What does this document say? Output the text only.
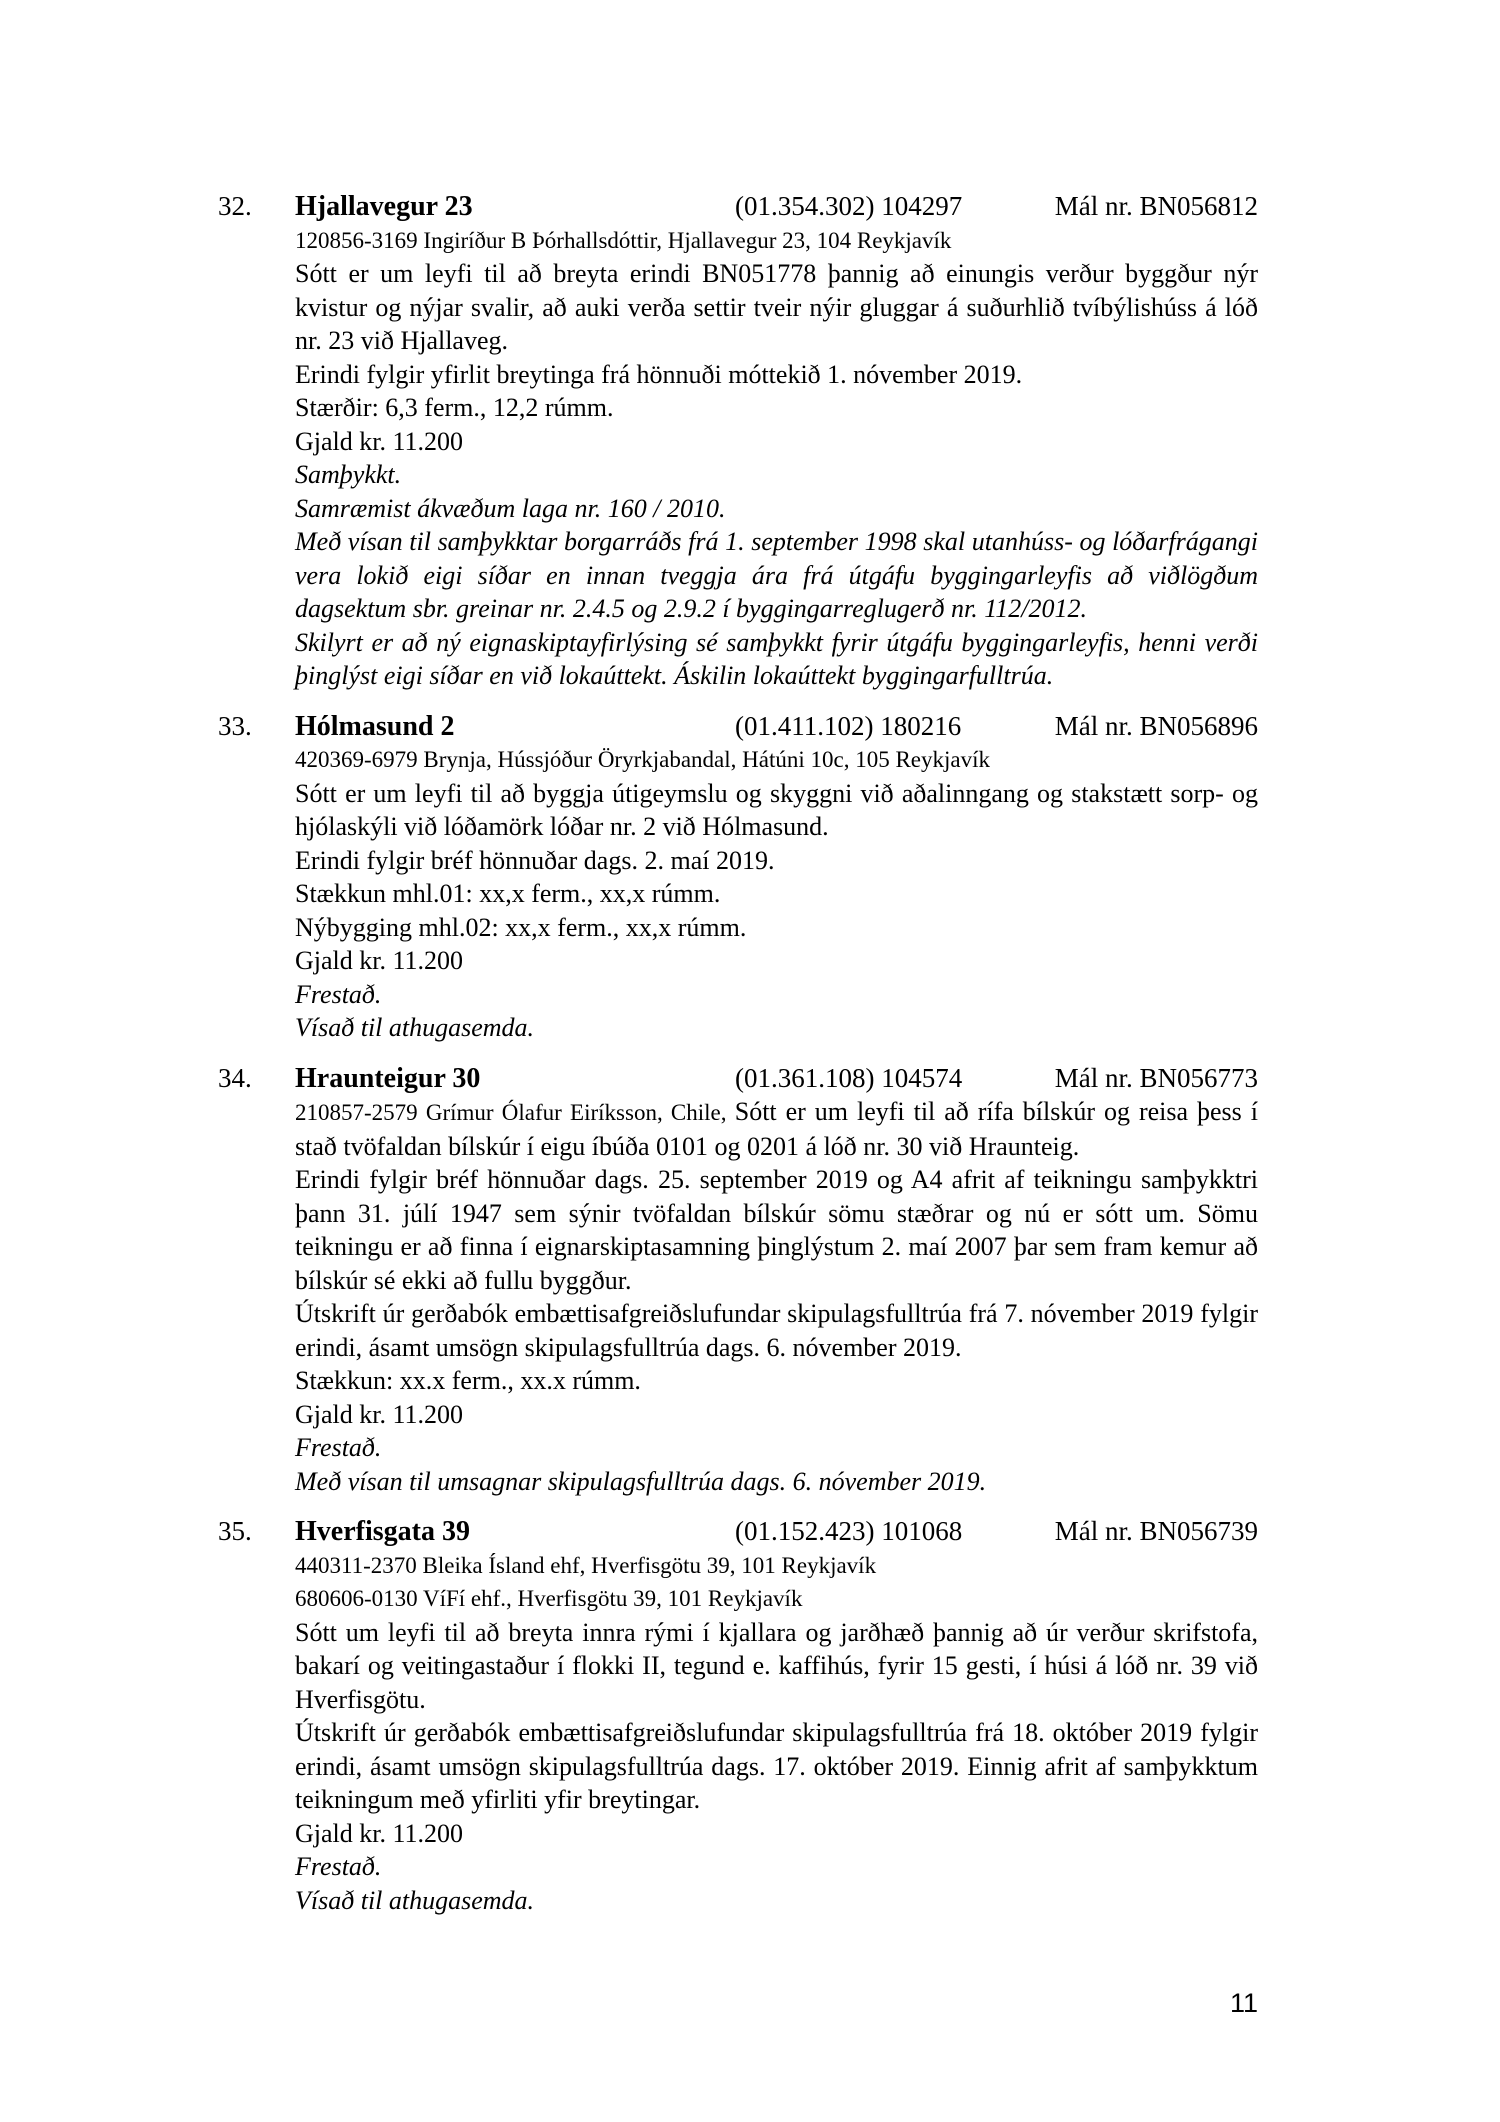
32.	Hjallavegur 23	(01.354.302) 104297	Mál nr. BN056812

120856-3169 Ingiríður B Þórhallsdóttir, Hjallavegur 23, 104 Reykjavík

Sótt er um leyfi til að breyta erindi BN051778 þannig að einungis verður byggður nýr kvistur og nýjar svalir, að auki verða settir tveir nýir gluggar á suðurhlið tvíbýlishúss á lóð nr. 23 við Hjallaveg.

Erindi fylgir yfirlit breytinga frá hönnuði móttekið 1. nóvember 2019.

Stærðir: 6,3 ferm., 12,2 rúmm.

Gjald kr. 11.200

Samþykkt.

Samræmist ákvæðum laga nr. 160 / 2010.

Með vísan til samþykktar borgarráðs frá 1. september 1998 skal utanhúss- og lóðarfrágangi vera lokið eigi síðar en innan tveggja ára frá útgáfu byggingarleyfis að viðlögðum dagsektum sbr. greinar nr. 2.4.5 og 2.9.2 í byggingarreglugerð nr. 112/2012.

Skilyrt er að ný eignaskiptayfirlýsing sé samþykkt fyrir útgáfu byggingarleyfis, henni verði þinglýst eigi síðar en við lokaúttekt. Áskilin lokaúttekt byggingarfulltrúa.

33.	Hólmasund 2	(01.411.102) 180216	Mál nr. BN056896

420369-6979 Brynja, Hússjóður Öryrkjabandal, Hátúni 10c, 105 Reykjavík

Sótt er um leyfi til að byggja útigeymslu og skyggni við aðalinngang og stakstætt sorp- og hjólaskýli við lóðamörk lóðar nr. 2 við Hólmasund.

Erindi fylgir bréf hönnuðar dags. 2. maí 2019.

Stækkun mhl.01: xx,x ferm., xx,x rúmm.

Nýbygging mhl.02: xx,x ferm., xx,x rúmm.

Gjald kr. 11.200

Frestað.

Vísað til athugasemda.

34.	Hraunteigur 30	(01.361.108) 104574	Mál nr. BN056773

210857-2579 Grímur Ólafur Eiríksson, Chile, Sótt er um leyfi til að rífa bílskúr og reisa þess í stað tvöfaldan bílskúr í eigu íbúða 0101 og 0201 á lóð nr. 30 við Hraunteig.

Erindi fylgir bréf hönnuðar dags. 25. september 2019 og A4 afrit af teikningu samþykktri þann 31. júlí 1947 sem sýnir tvöfaldan bílskúr sömu stæðrar og nú er sótt um. Sömu teikningu er að finna í eignarskiptasamning þinglýstum 2. maí 2007 þar sem fram kemur að bílskúr sé ekki að fullu byggður.

Útskrift úr gerðabók embættisafgreiðslufundar skipulagsfulltrúa frá 7. nóvember 2019 fylgir erindi, ásamt umsögn skipulagsfulltrúa dags. 6. nóvember 2019.

Stækkun: xx.x ferm., xx.x rúmm.

Gjald kr. 11.200

Frestað.

Með vísan til umsagnar skipulagsfulltrúa dags. 6. nóvember 2019.

35.	Hverfisgata 39	(01.152.423) 101068	Mál nr. BN056739

440311-2370 Bleika Ísland ehf, Hverfisgötu 39, 101 Reykjavík

680606-0130 VíFí ehf., Hverfisgötu 39, 101 Reykjavík

Sótt um leyfi til að breyta innra rými í kjallara og jarðhæð þannig að úr verður skrifstofa, bakarí og veitingastaður í flokki II, tegund e. kaffihús, fyrir 15 gesti, í húsi á lóð nr. 39 við Hverfisgötu.

Útskrift úr gerðabók embættisafgreiðslufundar skipulagsfulltrúa frá 18. október 2019 fylgir erindi, ásamt umsögn skipulagsfulltrúa dags. 17. október 2019. Einnig afrit af samþykktum teikningum með yfirliti yfir breytingar.

Gjald kr. 11.200

Frestað.

Vísað til athugasemda.

11
